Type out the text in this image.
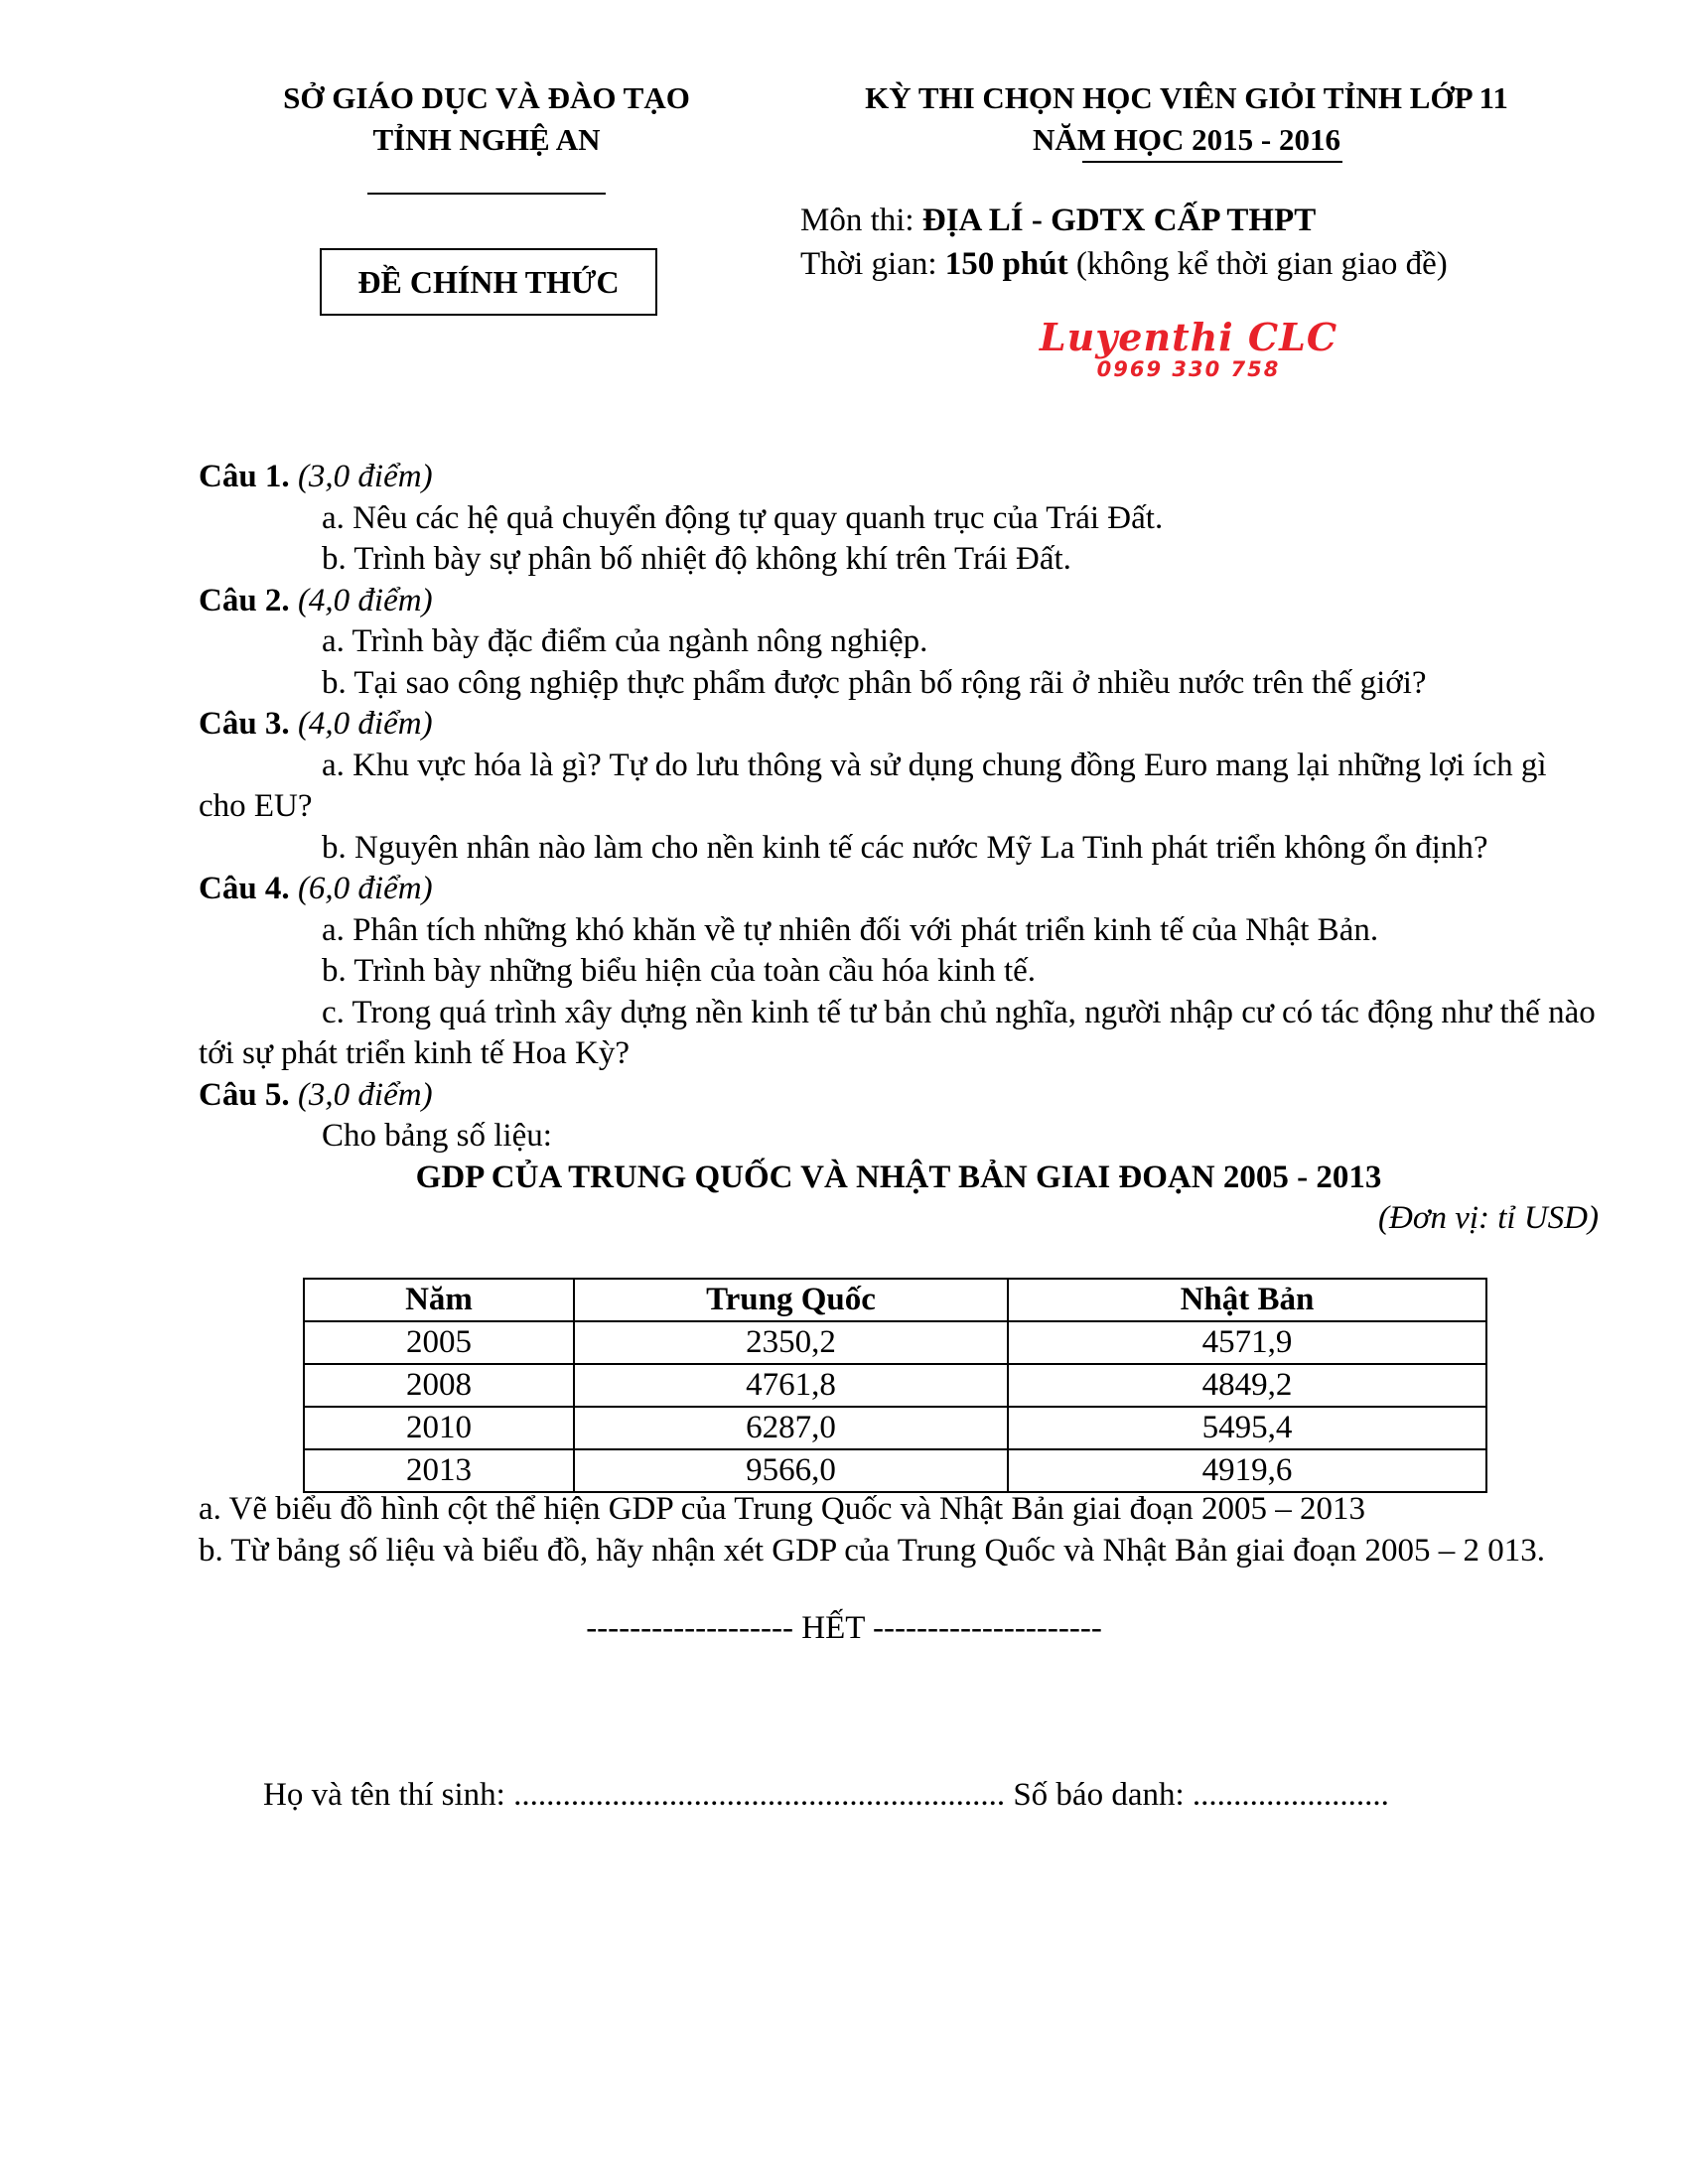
SỞ GIÁO DỤC VÀ ĐÀO TẠO
TỈNH NGHỆ AN
ĐỀ CHÍNH THỨC
KỲ THI CHỌN HỌC VIÊN GIỎI TỈNH LỚP 11
NĂM HỌC 2015 - 2016
Môn thi: ĐỊA LÍ - GDTX CẤP THPT
Thời gian: 150 phút (không kể thời gian giao đề)
Luyenthi CLC
0969 330 758

Câu 1. (3,0 điểm)

a. Nêu các hệ quả chuyển động tự quay quanh trục của Trái Đất.

b. Trình bày sự phân bố nhiệt độ không khí trên Trái Đất.

Câu 2. (4,0 điểm)

a. Trình bày đặc điểm của ngành nông nghiệp.

b. Tại sao công nghiệp thực phẩm được phân bố rộng rãi ở nhiều nước trên thế giới?

Câu 3. (4,0 điểm)

a. Khu vực hóa là gì? Tự do lưu thông và sử dụng chung đồng Euro mang lại những lợi ích gì cho EU?

b. Nguyên nhân nào làm cho nền kinh tế các nước Mỹ La Tinh phát triển không ổn định?

Câu 4. (6,0 điểm)

a. Phân tích những khó khăn về tự nhiên đối với phát triển kinh tế của Nhật Bản.

b. Trình bày những biểu hiện của toàn cầu hóa kinh tế.

c. Trong quá trình xây dựng nền kinh tế tư bản chủ nghĩa, người nhập cư có tác động như thế nào tới sự phát triển kinh tế Hoa Kỳ?

Câu 5. (3,0 điểm)

Cho bảng số liệu:

GDP CỦA TRUNG QUỐC VÀ NHẬT BẢN GIAI ĐOẠN 2005 - 2013

(Đơn vị: tỉ USD)

Năm	Trung Quốc	Nhật Bản
2005	2350,2	4571,9
2008	4761,8	4849,2
2010	6287,0	5495,4
2013	9566,0	4919,6

a. Vẽ biểu đồ hình cột thể hiện GDP của Trung Quốc và Nhật Bản giai đoạn 2005 – 2013

b. Từ bảng số liệu và biểu đồ, hãy nhận xét GDP của Trung Quốc và Nhật Bản giai đoạn 2005 – 2 013.

------------------- HẾT ---------------------
Họ và tên thí sinh: ............................................................ Số báo danh: ........................
